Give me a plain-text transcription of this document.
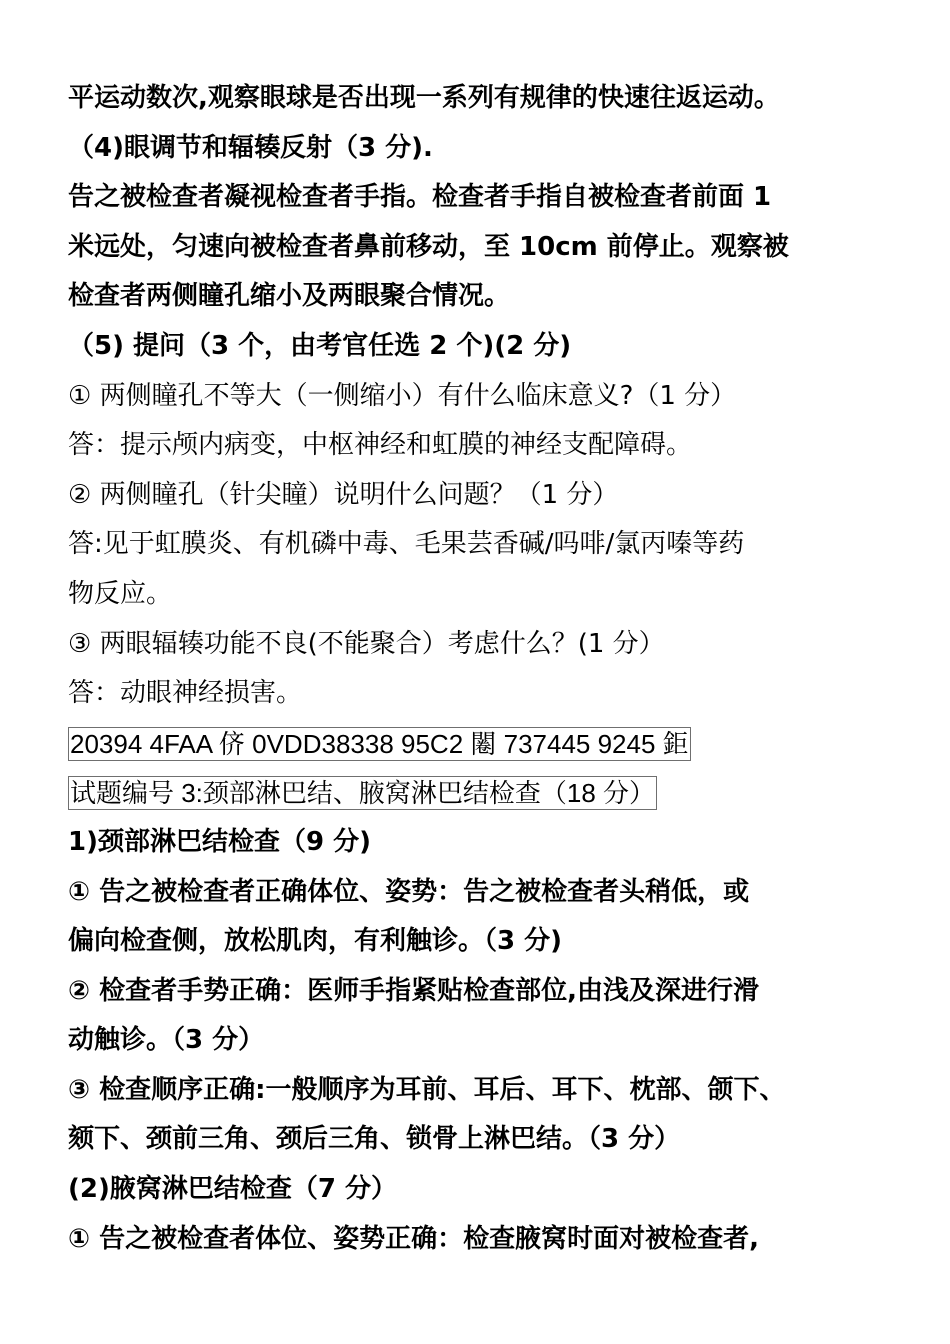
平运动数次,观察眼球是否出现一系列有规律的快速往返运动。
（4)眼调节和辐辏反射（3 分).
告之被检查者凝视检查者手指。检查者手指自被检查者前面 1
米远处，匀速向被检查者鼻前移动，至 10cm 前停止。观察被
检查者两侧瞳孔缩小及两眼聚合情况。
（5) 提问（3 个，由考官任选 2 个)(2 分)
① 两侧瞳孔不等大（一侧缩小）有什么临床意义?（1 分）
答：提示颅内病变，中枢神经和虹膜的神经支配障碍。
② 两侧瞳孔（针尖瞳）说明什么问题？（1 分）
答:见于虹膜炎、有机磷中毒、毛果芸香碱/吗啡/氯丙嗪等药
物反应。
③ 两眼辐辏功能不良(不能聚合）考虑什么？(1 分）
答：动眼神经损害。
20394 4FAA 侪 0VDD38338 95C2 闂 737445 9245 鉅
试题编号 3:颈部淋巴结、腋窝淋巴结检查（18 分）
1)颈部淋巴结检查（9 分)
① 告之被检查者正确体位、姿势：告之被检查者头稍低，或
偏向检查侧，放松肌肉，有利触诊。（3 分)
② 检查者手势正确：医师手指紧贴检查部位,由浅及深进行滑
动触诊。（3 分）
③ 检查顺序正确:一般顺序为耳前、耳后、耳下、枕部、颌下、
颏下、颈前三角、颈后三角、锁骨上淋巴结。（3 分）
(2)腋窝淋巴结检查（7 分）
① 告之被检查者体位、姿势正确：检查腋窝时面对被检查者,
